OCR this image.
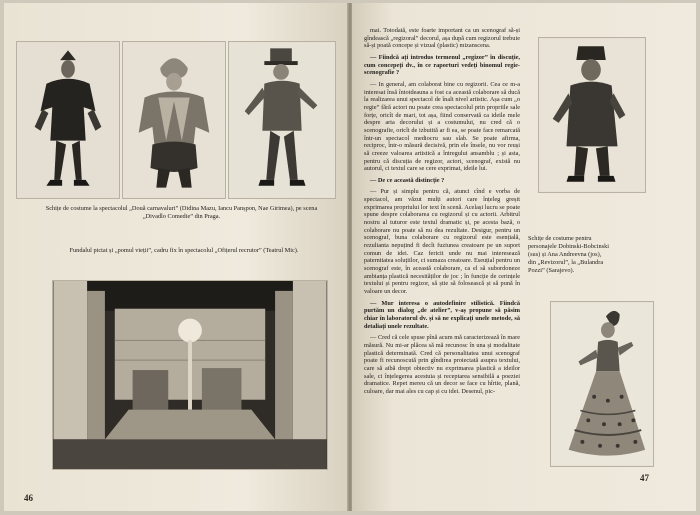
Schițe de costume la spectacolul „Două carnavaluri” (Didina Mazu, Iancu Panșpon, Nae Girimea), pe scena „Divadlo Comedie” din Praga.
Fundalul pictat și „pomul vieții”, cadru fix în spectacolul „Ofițerul recrutor” (Teatrul Mic).
46

mai. Totodată, este foarte important ca un scenograf să-și gîndească „regizoral” decorul, așa după cum regizorul trebuie să-și poată concepe și vizual (plastic) mizanscena.

— Fiindcă ați introdus termenul „regizor” în discuție, cum concepeți dv., în ce raporturi vedeți binomul regie-scenografie ?

— In general, am colaborat bine cu regizorii. Cea ce m-a interesat însă întotdeauna a fost ca această colaborare să ducă la realizarea unui spectacol de înalt nivel artistic. Așa cum „o regie” fără actori nu poate crea spectacolul prin propriile sale forțe, oricît de mari, tot așa, fiind conservată ca ideile mele despre arta decorului și a costumului, nu cred că o scenografie, oricît de izbutită ar fi ea, se poate face remarcată într-un spectacol mediocru sau slab. Se poate afirma, reciproc, într-o măsură decisivă, prin ele însele, nu vor reuși să creeze valoarea artistică a întregului ansamblu ; și asta, pentru că discuția de regizor, actori, scenograf, există nu autorul, ci textul care se cere exprimat, ideile lui.

— De ce această distincție ?

— Pur și simplu pentru că, atunci cînd e vorba de spectacol, am văzut mulți autori care înțeleg greșit exprimarea propriului lor text în scenă. Același lucru se poate spune despre colaborarea cu regizorul și cu actorii. Arbitrul nostru al tuturor este textul dramatic și, pe acesta bază, o colaborare nu poate să nu dea rezultate. Desigur, pentru un scenograf, buna colaborare cu regizorul este esențială, rezultanta nepuțind fi decît fuziunea creatoare pe un suport comun de idei. Caz fericit unde nu mai interesează paternitatea soluțiilor, ci sumaza creatoare. Eseuțial pentru un scenograf este, în această colaborare, ca el să subordoneze ambianța plastică necesităților de joc ; în funcție de cerințele textului și pentru regizor, să știe să folosească și să pună în valoare un decor.

— Mur interesa o autodefinire stilistică. Fiindcă purtăm un dialog „de atelier”, v-aș propune să păsim chiar în laboratorul dv. și să ne explicați unele metode, să detaliați unele rezultate.

— Cred că cele spuse pînă acum mă caracterizează în mare măsură. Nu mi-ar plăcea să mă recunosc în una și modalitate plastică determinată. Cred că personalitatea unui scenograf poate fi recunoscută prin gîndirea proiectată asupra textului, care să aibă drept obiectiv nu exprimarea plastică a ideilor sale, ci înțelegerea acestuia și receptarea sensibilă a poeziei dramatice. Repet mereu că un decor se face cu hîrtie, plană, culoare, dar mai ales cu cap și cu idei. Desenul, pic-

Schițe de costume pentru personajele Dobinski-Bobcinski (sus) și Ana Andreevna (jos), din „Revizorul”, la „Bulandra Pozzi” (Sarajevo).
47
